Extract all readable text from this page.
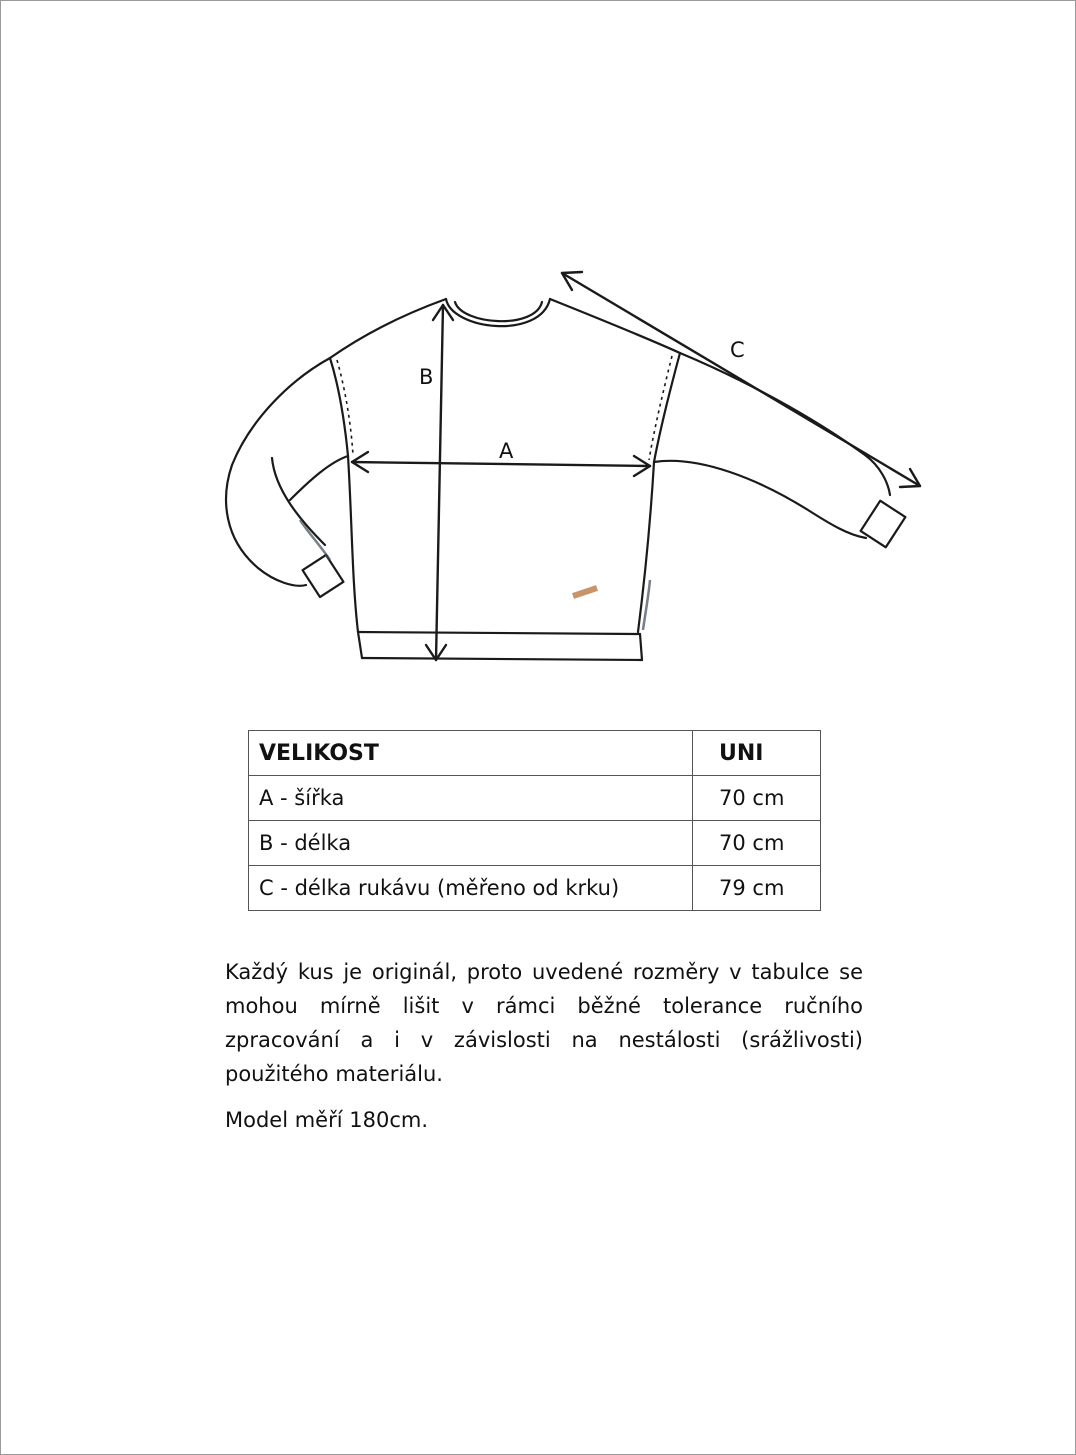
B
A
C
VELIKOST	UNI
A - šířka	70 cm
B - délka	70 cm
C - délka rukávu (měřeno od krku)	79 cm

Každý kus je originál, proto uvedené rozměry v tabulce se mohou mírně lišit v rámci běžné tolerance ručního zpracování a i v závislosti na nestálosti (srážlivosti) použitého materiálu.

Model měří 180cm.
